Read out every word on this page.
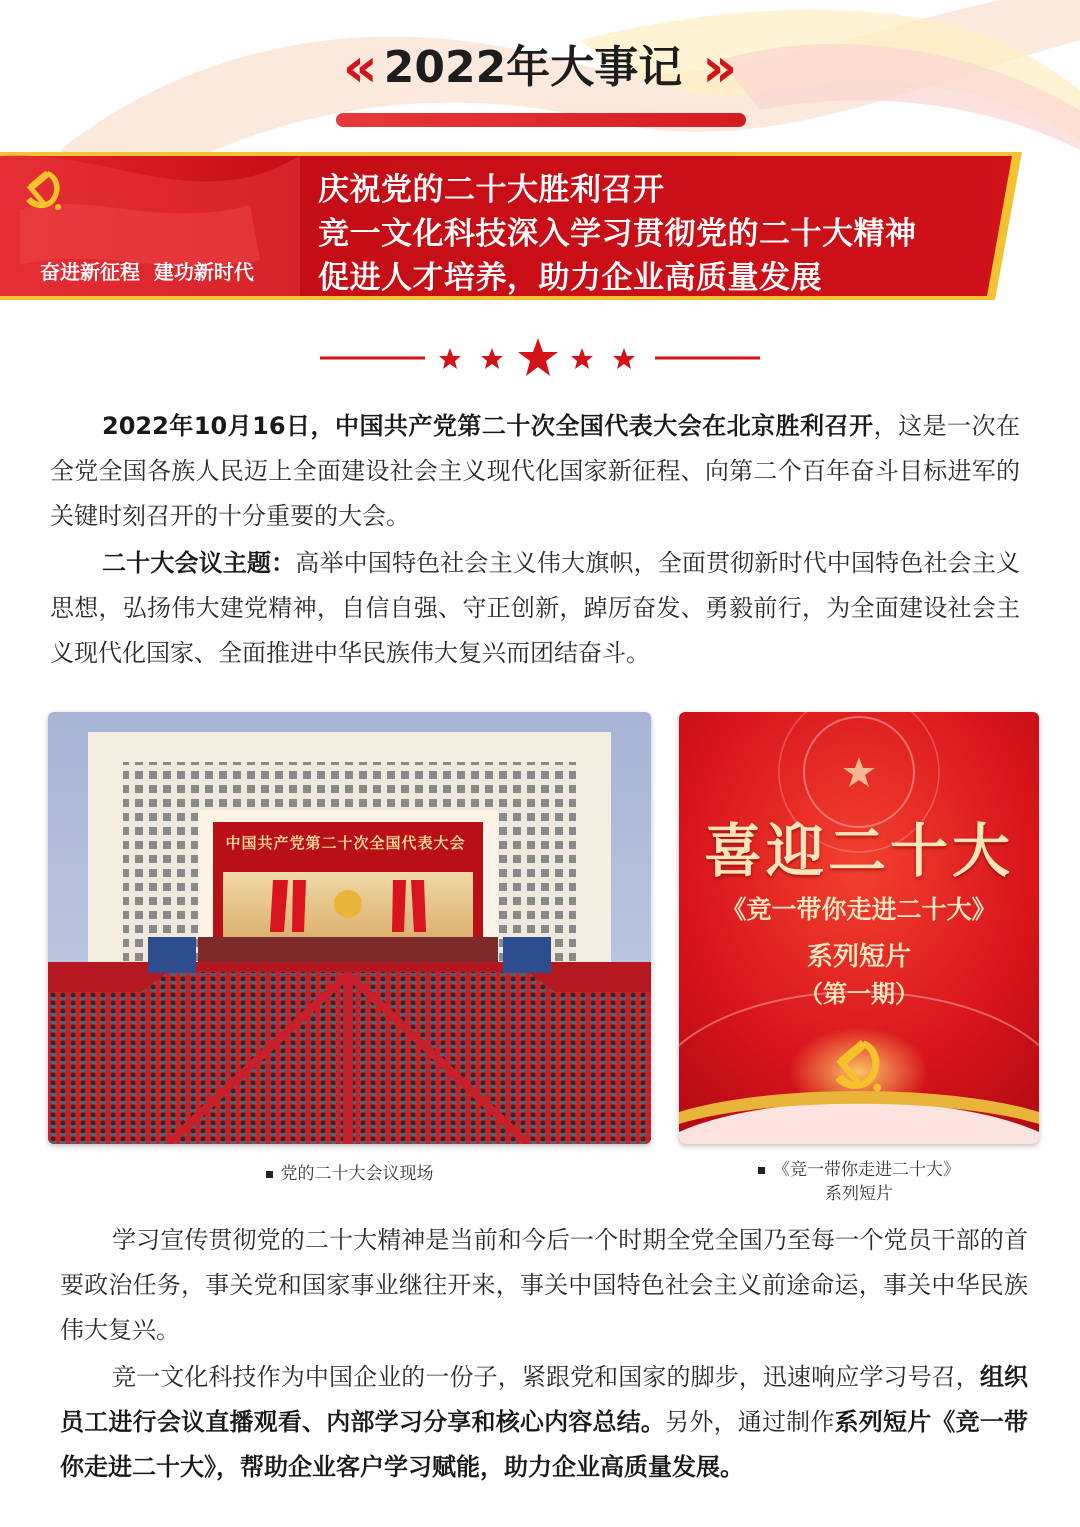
« 2022年大事记 »
奋进新征程  建功新时代
庆祝党的二十大胜利召开
竞一文化科技深入学习贯彻党的二十大精神
促进人才培养，助力企业高质量发展
2022年10月16日，中国共产党第二十次全国代表大会在北京胜利召开，这是一次在全党全国各族人民迈上全面建设社会主义现代化国家新征程、向第二个百年奋斗目标进军的关键时刻召开的十分重要的大会。
二十大会议主题：高举中国特色社会主义伟大旗帜，全面贯彻新时代中国特色社会主义思想，弘扬伟大建党精神，自信自强、守正创新，踔厉奋发、勇毅前行，为全面建设社会主义现代化国家、全面推进中华民族伟大复兴而团结奋斗。
中国共产党第二十次全国代表大会	喜迎二十大
《竞一带你走进二十大》
系列短片
（第一期）
党的二十大会议现场	《竞一带你走进二十大》
系列短片
学习宣传贯彻党的二十大精神是当前和今后一个时期全党全国乃至每一个党员干部的首要政治任务，事关党和国家事业继往开来，事关中国特色社会主义前途命运，事关中华民族伟大复兴。
竞一文化科技作为中国企业的一份子，紧跟党和国家的脚步，迅速响应学习号召，组织员工进行会议直播观看、内部学习分享和核心内容总结。另外，通过制作系列短片《竞一带你走进二十大》，帮助企业客户学习赋能，助力企业高质量发展。
